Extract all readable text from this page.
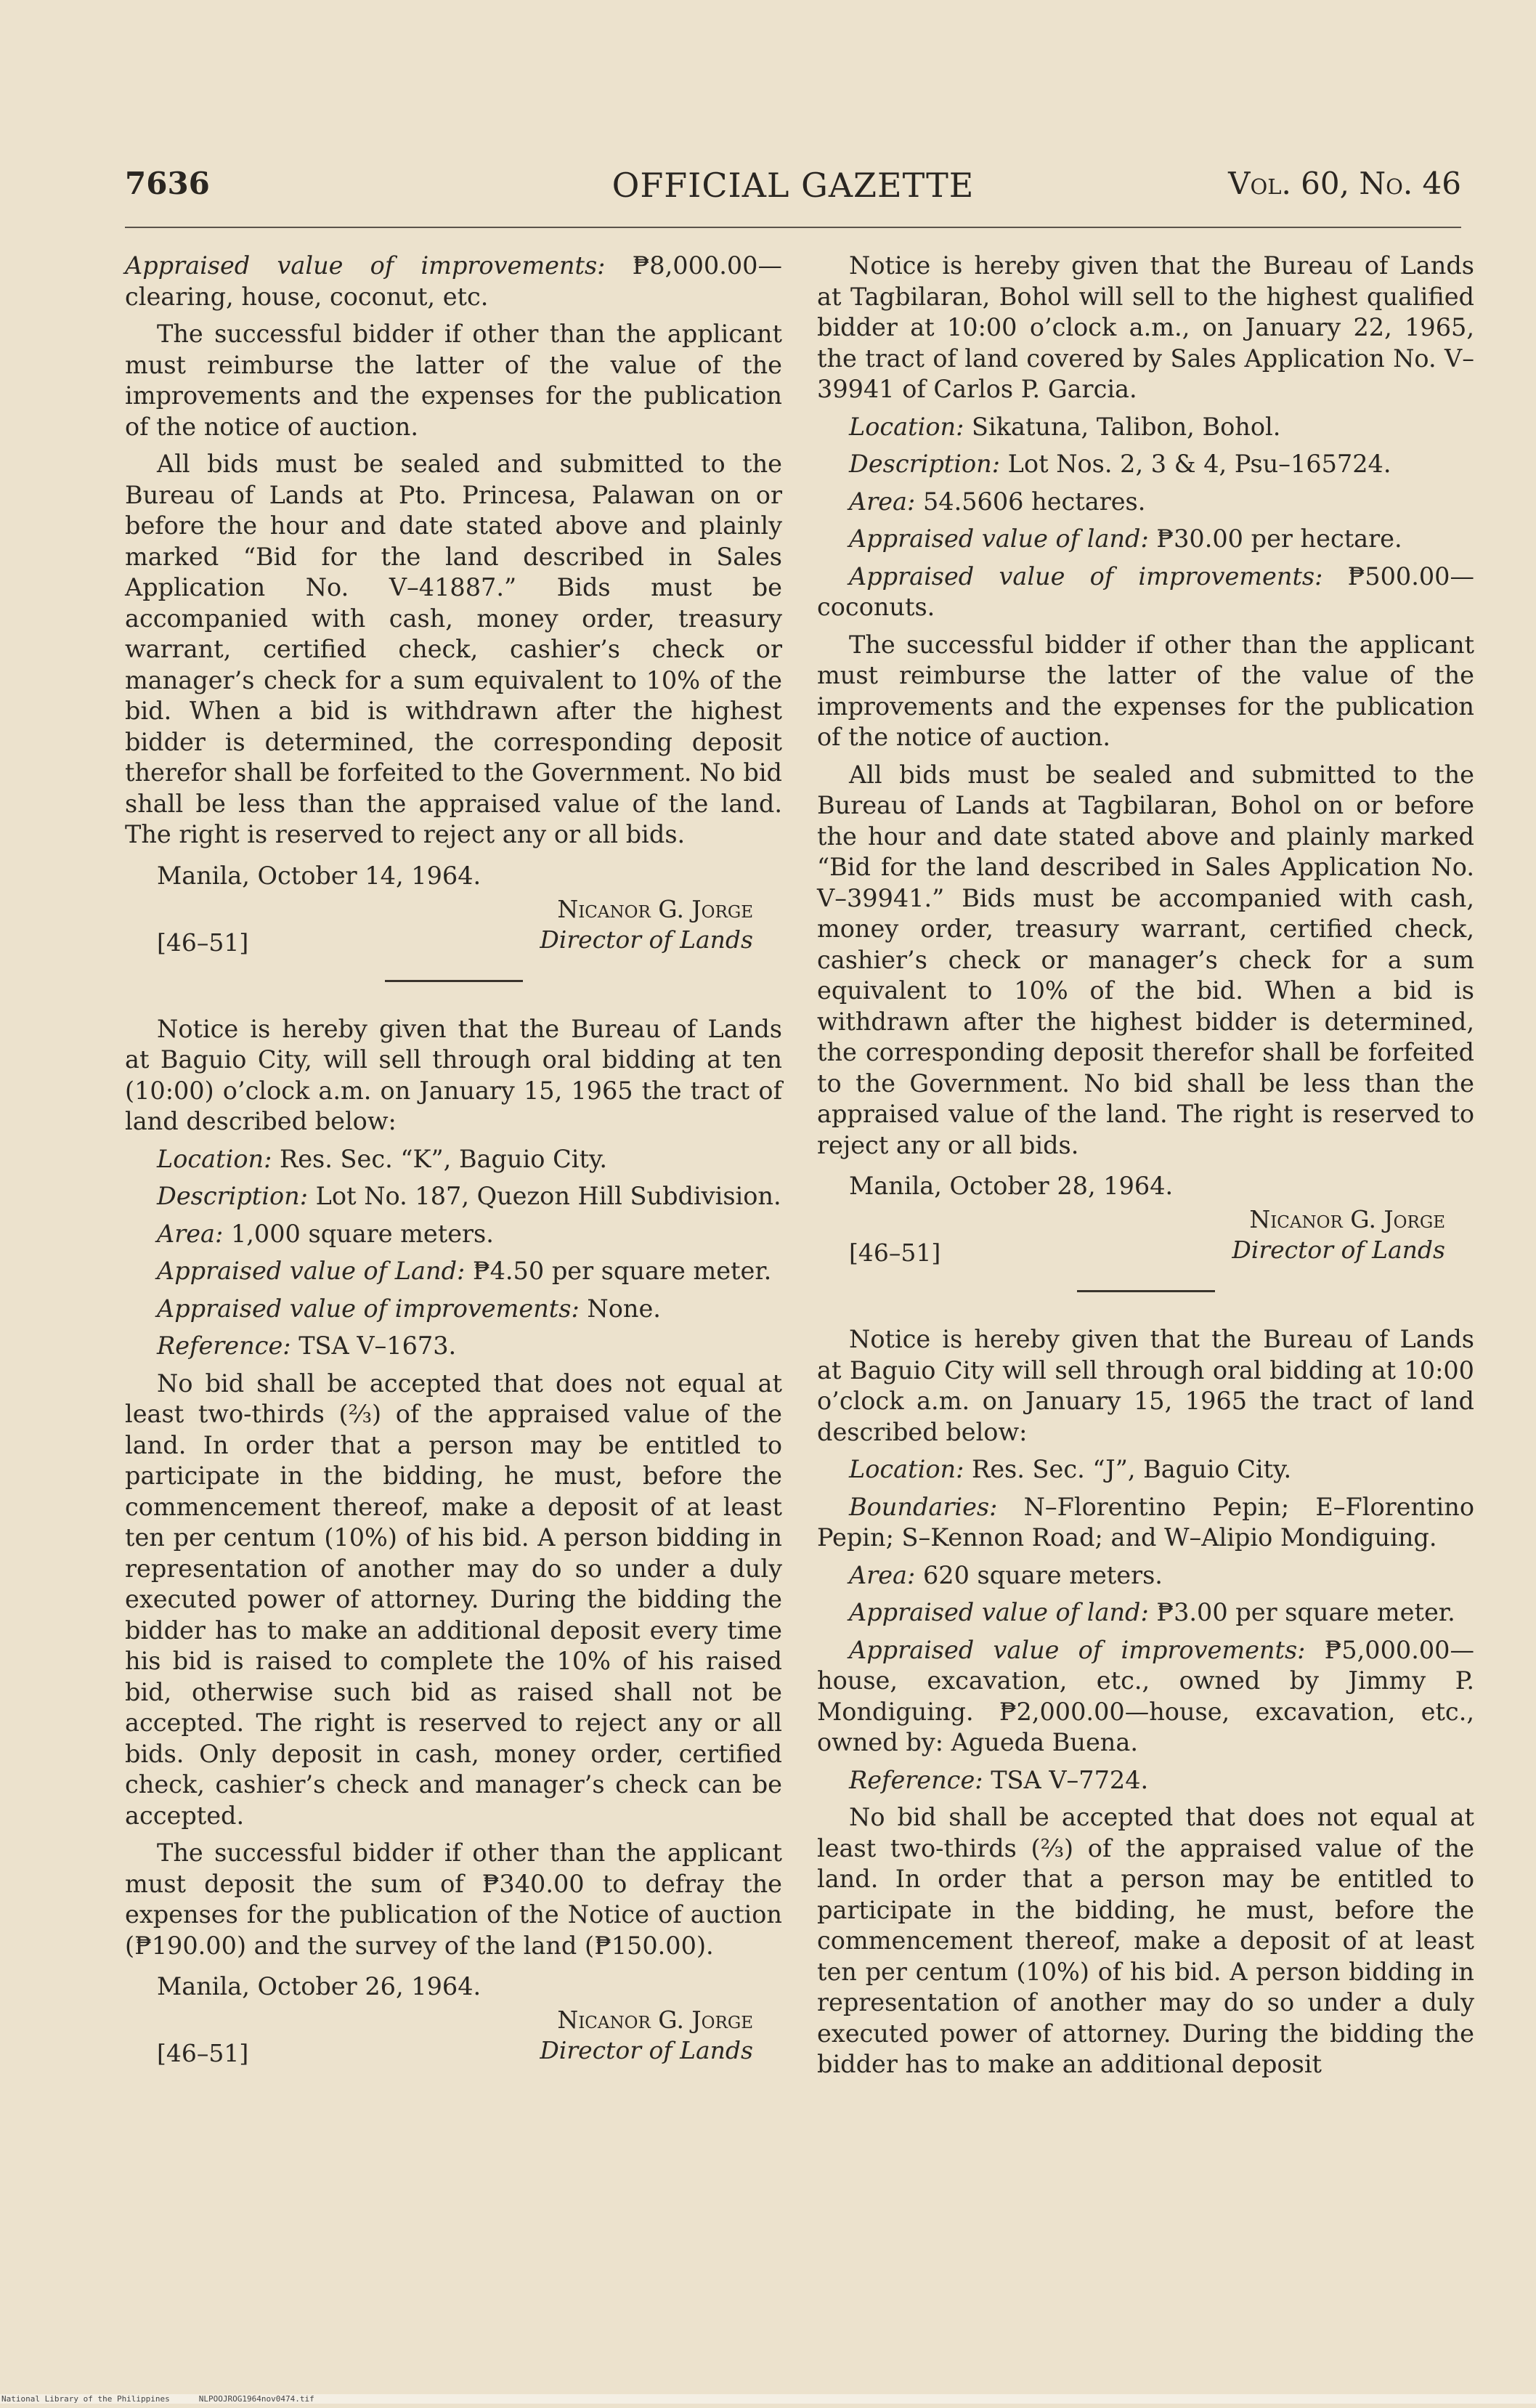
7636	OFFICIAL GAZETTE	Vol. 60, No. 46

Appraised value of improvements: ₱8,000.00—clearing, house, coconut, etc.

The successful bidder if other than the applicant must reimburse the latter of the value of the improvements and the expenses for the publication of the notice of auction.

All bids must be sealed and submitted to the Bureau of Lands at Pto. Princesa, Palawan on or before the hour and date stated above and plainly marked “Bid for the land described in Sales Application No. V–41887.” Bids must be accompanied with cash, money order, treasury warrant, certified check, cashier’s check or manager’s check for a sum equivalent to 10% of the bid. When a bid is withdrawn after the highest bidder is determined, the corresponding deposit therefor shall be forfeited to the Government. No bid shall be less than the appraised value of the land. The right is reserved to reject any or all bids.

Manila, October 14, 1964.
Nicanor G. Jorge
Director of Lands
[46–51]

Notice is hereby given that the Bureau of Lands at Baguio City, will sell through oral bidding at ten (10:00) o’clock a.m. on January 15, 1965 the tract of land described below:

Location: Res. Sec. “K”, Baguio City.

Description: Lot No. 187, Quezon Hill Subdivision.

Area: 1,000 square meters.

Appraised value of Land: ₱4.50 per square meter.

Appraised value of improvements: None.

Reference: TSA V–1673.

No bid shall be accepted that does not equal at least two-thirds (⅔) of the appraised value of the land. In order that a person may be entitled to participate in the bidding, he must, before the commencement thereof, make a deposit of at least ten per centum (10%) of his bid. A person bidding in representation of another may do so under a duly executed power of attorney. During the bidding the bidder has to make an additional deposit every time his bid is raised to complete the 10% of his raised bid, otherwise such bid as raised shall not be accepted. The right is reserved to reject any or all bids. Only deposit in cash, money order, certified check, cashier’s check and manager’s check can be accepted.

The successful bidder if other than the applicant must deposit the sum of ₱340.00 to defray the expenses for the publication of the Notice of auction (₱190.00) and the survey of the land (₱150.00).

Manila, October 26, 1964.
Nicanor G. Jorge
Director of Lands
[46–51]

Notice is hereby given that the Bureau of Lands at Tagbilaran, Bohol will sell to the highest qualified bidder at 10:00 o’clock a.m., on January 22, 1965, the tract of land covered by Sales Application No. V–39941 of Carlos P. Garcia.

Location: Sikatuna, Talibon, Bohol.

Description: Lot Nos. 2, 3 & 4, Psu–165724.

Area: 54.5606 hectares.

Appraised value of land: ₱30.00 per hectare.

Appraised value of improvements: ₱500.00—coconuts.

The successful bidder if other than the applicant must reimburse the latter of the value of the improvements and the expenses for the publication of the notice of auction.

All bids must be sealed and submitted to the Bureau of Lands at Tagbilaran, Bohol on or before the hour and date stated above and plainly marked “Bid for the land described in Sales Application No. V–39941.” Bids must be accompanied with cash, money order, treasury warrant, certified check, cashier’s check or manager’s check for a sum equivalent to 10% of the bid. When a bid is withdrawn after the highest bidder is determined, the corresponding deposit therefor shall be forfeited to the Government. No bid shall be less than the appraised value of the land. The right is reserved to reject any or all bids.

Manila, October 28, 1964.
Nicanor G. Jorge
Director of Lands
[46–51]

Notice is hereby given that the Bureau of Lands at Baguio City will sell through oral bidding at 10:00 o’clock a.m. on January 15, 1965 the tract of land described below:

Location: Res. Sec. “J”, Baguio City.

Boundaries: N–Florentino Pepin; E–Florentino Pepin; S–Kennon Road; and W–Alipio Mondiguing.

Area: 620 square meters.

Appraised value of land: ₱3.00 per square meter.

Appraised value of improvements: ₱5,000.00—house, excavation, etc., owned by Jimmy P. Mondiguing. ₱2,000.00—house, excavation, etc., owned by: Agueda Buena.

Reference: TSA V–7724.

No bid shall be accepted that does not equal at least two-thirds (⅔) of the appraised value of the land. In order that a person may be entitled to participate in the bidding, he must, before the commencement thereof, make a deposit of at least ten per centum (10%) of his bid. A person bidding in representation of another may do so under a duly executed power of attorney. During the bidding the bidder has to make an additional deposit

National Library of the Philippines	NLPOOJROG1964nov0474.tif
